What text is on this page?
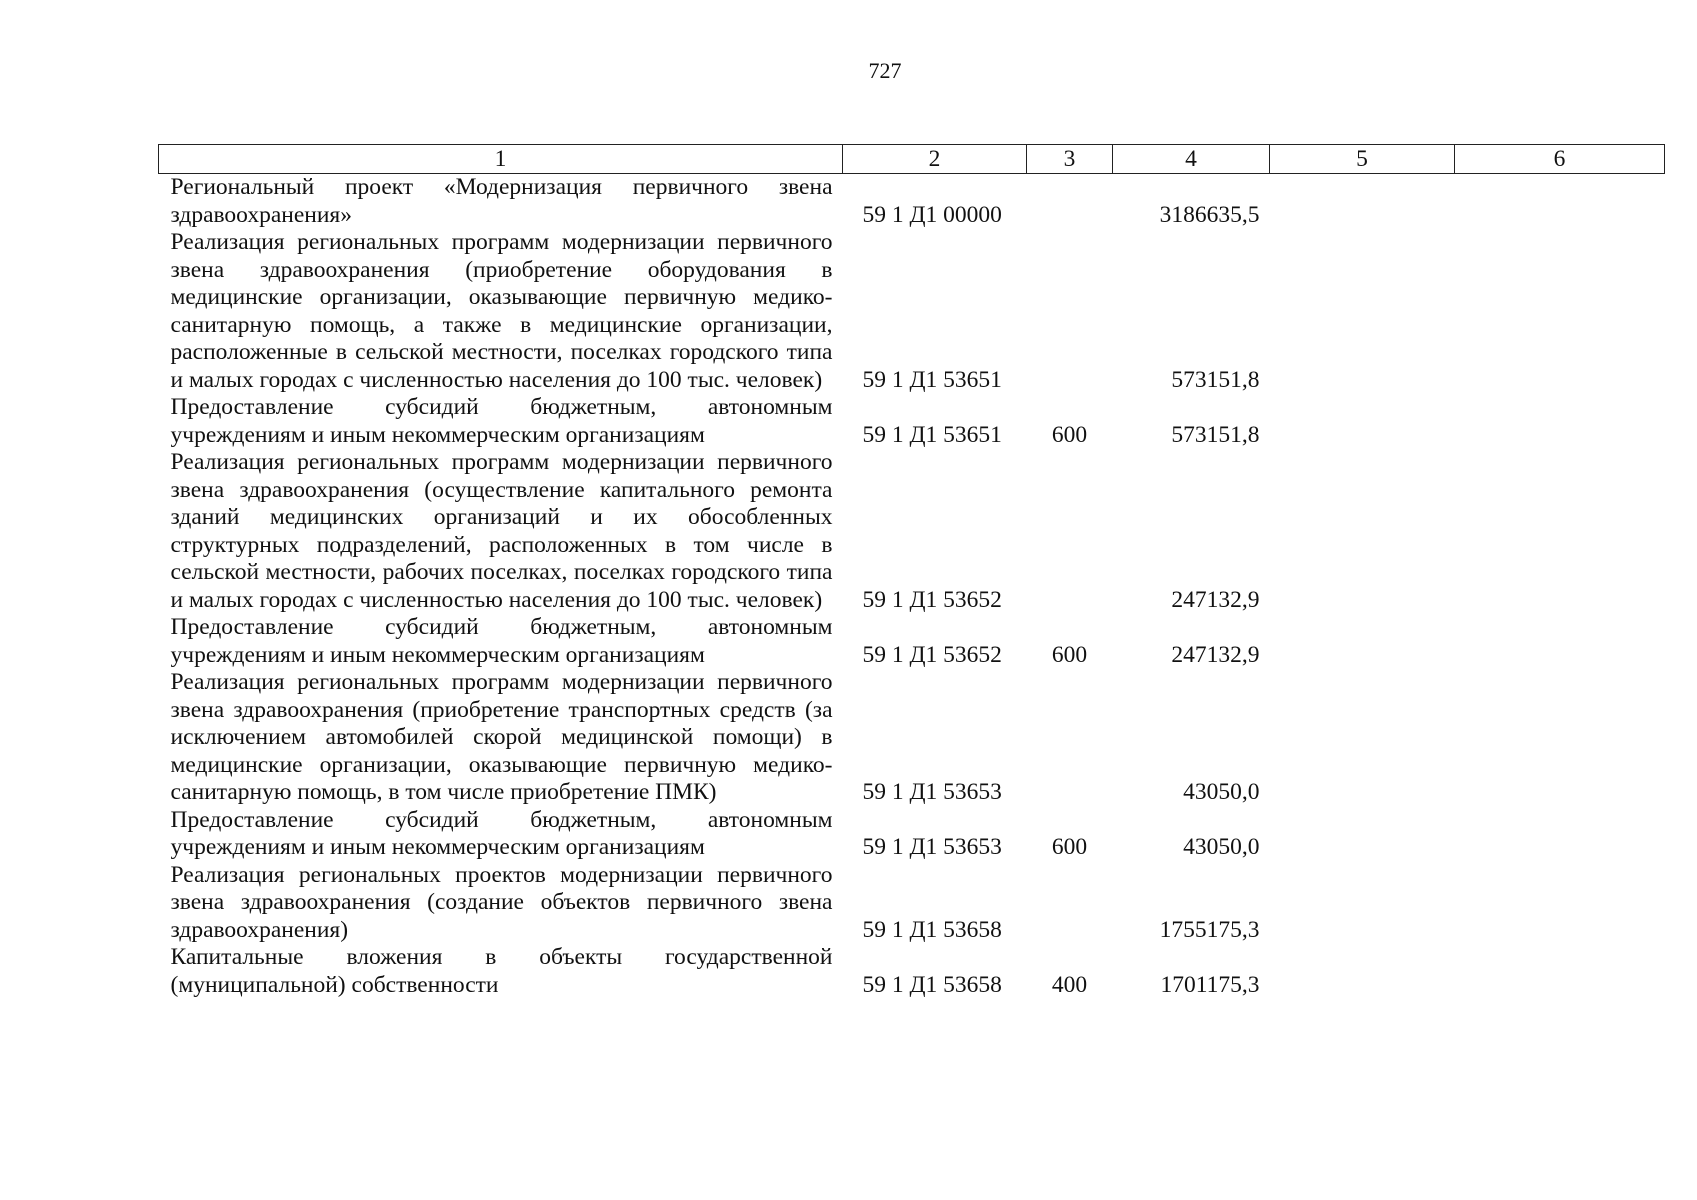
727
1	2	3	4	5	6
Региональный проект «Модернизация первичного звена здравоохранения»	59 1 Д1 00000		3186635,5		
Реализация региональных программ модернизации первичного звена здравоохранения (приобретение оборудования в медицинские организации, оказывающие первичную медико-санитарную помощь, а также в медицинские организации, расположенные в сельской местности, поселках городского типа и малых городах с численностью населения до 100 тыс. человек)	59 1 Д1 53651		573151,8		
Предоставление субсидий бюджетным, автономным учреждениям и иным некоммерческим организациям	59 1 Д1 53651	600	573151,8		
Реализация региональных программ модернизации первичного звена здравоохранения (осуществление капитального ремонта зданий медицинских организаций и их обособленных структурных подразделений, расположенных в том числе в сельской местности, рабочих поселках, поселках городского типа и малых городах с численностью населения до 100 тыс. человек)	59 1 Д1 53652		247132,9		
Предоставление субсидий бюджетным, автономным учреждениям и иным некоммерческим организациям	59 1 Д1 53652	600	247132,9		
Реализация региональных программ модернизации первичного звена здравоохранения (приобретение транспортных средств (за исключением автомобилей скорой медицинской помощи) в медицинские организации, оказывающие первичную медико-санитарную помощь, в том числе приобретение ПМК)	59 1 Д1 53653		43050,0		
Предоставление субсидий бюджетным, автономным учреждениям и иным некоммерческим организациям	59 1 Д1 53653	600	43050,0		
Реализация региональных проектов модернизации первичного звена здравоохранения (создание объектов первичного звена здравоохранения)	59 1 Д1 53658		1755175,3		
Капитальные вложения в объекты государственной (муниципальной) собственности	59 1 Д1 53658	400	1701175,3		
